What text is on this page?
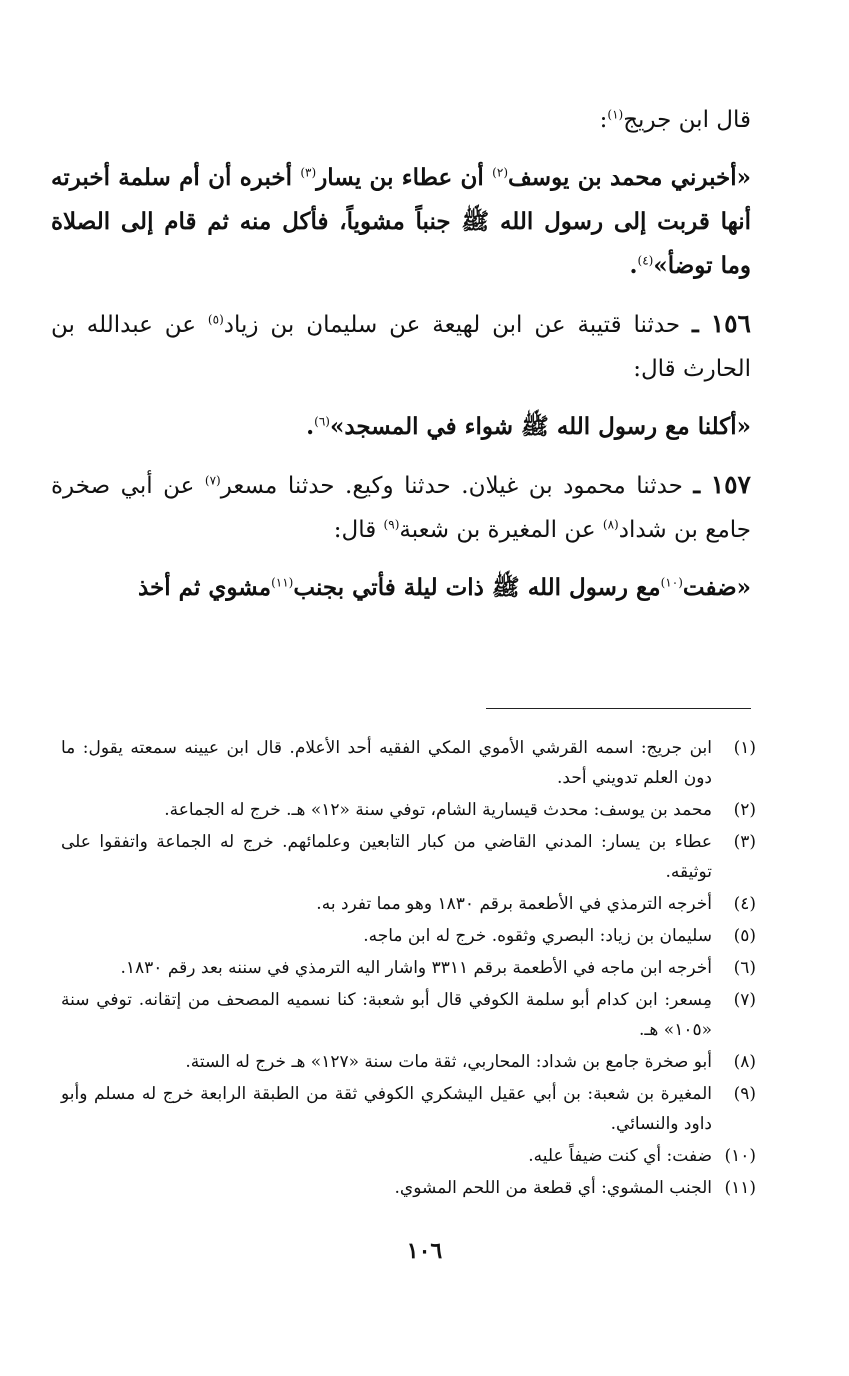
قال ابن جريج$^{(١)}$:

«أخبرني محمد بن يوسف$^{(٢)}$ أن عطاء بن يسار$^{(٣)}$ أخبره أن أم سلمة أخبرته أنها قربت إلى رسول الله ﷺ جنباً مشوياً، فأكل منه ثم قام إلى الصلاة وما توضأ»$^{(٤)}$.

١٥٦ ـ حدثنا قتيبة عن ابن لهيعة عن سليمان بن زياد$^{(٥)}$ عن عبدالله بن الحارث قال:

«أكلنا مع رسول الله ﷺ شواء في المسجد»$^{(٦)}$.

١٥٧ ـ حدثنا محمود بن غيلان. حدثنا وكيع. حدثنا مسعر$^{(٧)}$ عن أبي صخرة جامع بن شداد$^{(٨)}$ عن المغيرة بن شعبة$^{(٩)}$ قال:

«ضفت$^{(١٠)}$مع رسول الله ﷺ ذات ليلة فأتي بجنب$^{(١١)}$مشوي ثم أخذ

(١)
ابن جريج: اسمه القرشي الأموي المكي الفقيه أحد الأعلام. قال ابن عيينه سمعته يقول: ما دون العلم تدويني أحد.
(٢)
محمد بن يوسف: محدث قيسارية الشام، توفي سنة «١٢» هـ. خرج له الجماعة.
(٣)
عطاء بن يسار: المدني القاضي من كبار التابعين وعلمائهم. خرج له الجماعة واتفقوا على توثيقه.
(٤)
أخرجه الترمذي في الأطعمة برقم ١٨٣٠ وهو مما تفرد به.
(٥)
سليمان بن زياد: البصري وثقوه. خرج له ابن ماجه.
(٦)
أخرجه ابن ماجه في الأطعمة برقم ٣٣١١ واشار اليه الترمذي في سننه بعد رقم ١٨٣٠.
(٧)
مِسعر: ابن كدام أبو سلمة الكوفي قال أبو شعبة: كنا نسميه المصحف من إتقانه. توفي سنة «١٠٥» هـ.
(٨)
أبو صخرة جامع بن شداد: المحاربي، ثقة مات سنة «١٢٧» هـ خرج له الستة.
(٩)
المغيرة بن شعبة: بن أبي عقيل اليشكري الكوفي ثقة من الطبقة الرابعة خرج له مسلم وأبو داود والنسائي.
(١٠)
ضفت: أي كنت ضيفاً عليه.
(١١)
الجنب المشوي: أي قطعة من اللحم المشوي.
١٠٦
